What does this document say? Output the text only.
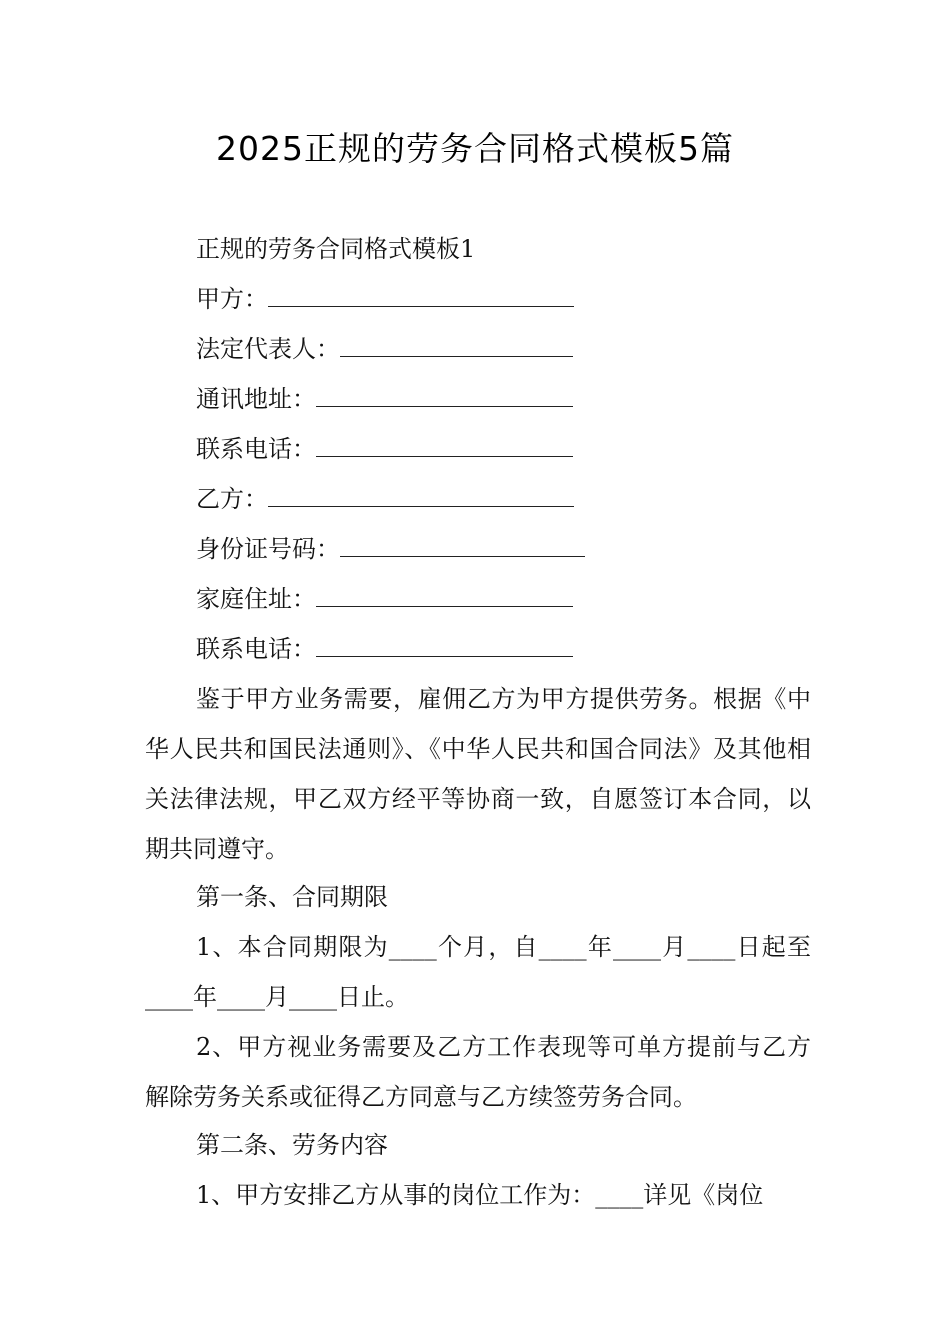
2025正规的劳务合同格式模板5篇

正规的劳务合同格式模板1

甲方：

法定代表人：

通讯地址：

联系电话：

乙方：

身份证号码：

家庭住址：

联系电话：

鉴于甲方业务需要，雇佣乙方为甲方提供劳务。根据《中华人民共和国民法通则》、《中华人民共和国合同法》及其他相关法律法规，甲乙双方经平等协商一致，自愿签订本合同，以期共同遵守。

第一条、合同期限

1、本合同期限为____个月，自____年____月____日起至____年____月____日止。

2、甲方视业务需要及乙方工作表现等可单方提前与乙方解除劳务关系或征得乙方同意与乙方续签劳务合同。

第二条、劳务内容

1、甲方安排乙方从事的岗位工作为：____详见《岗位
